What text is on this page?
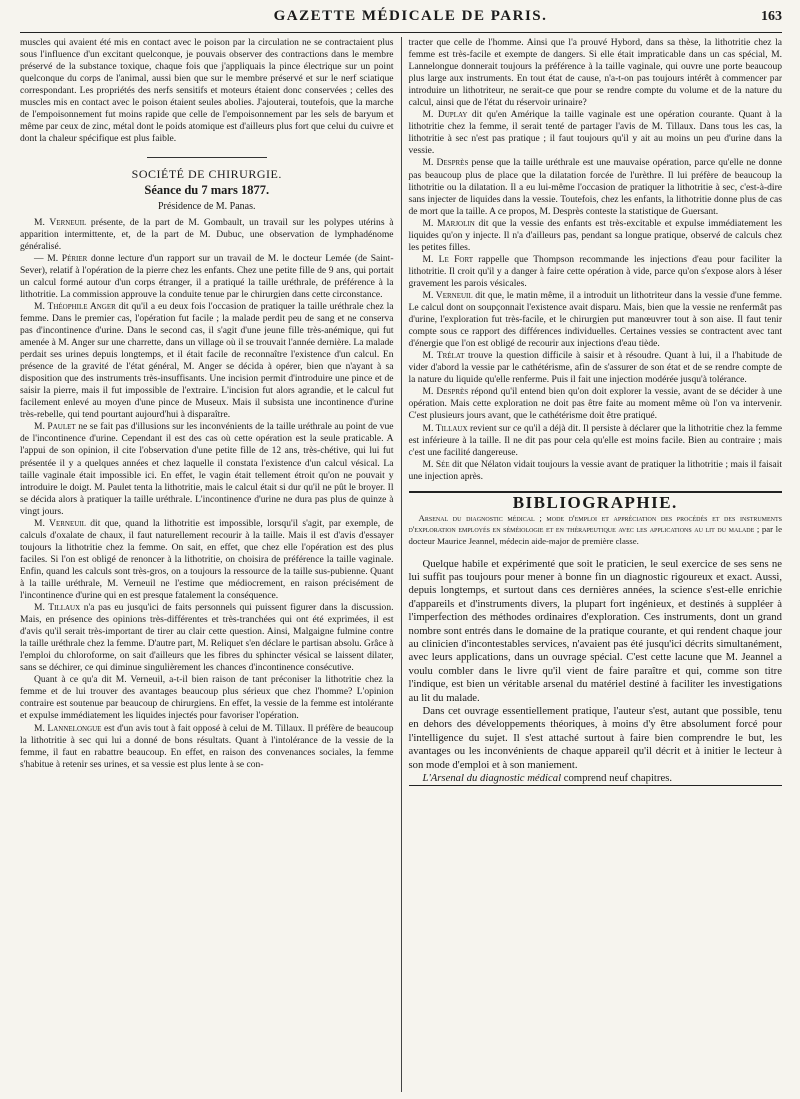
GAZETTE MÉDICALE DE PARIS.	163

muscles qui avaient été mis en contact avec le poison par la circulation ne se contractaient plus sous l'influence d'un excitant quelconque, je pouvais observer des contractions dans le membre préservé de la substance toxique, chaque fois que j'appliquais la pince électrique sur un point quelconque du corps de l'animal, aussi bien que sur le membre préservé et sur le nerf sciatique correspondant. Les propriétés des nerfs sensitifs et moteurs étaient donc conservées ; celles des muscles mis en contact avec le poison étaient seules abolies. J'ajouterai, toutefois, que la marche de l'empoisonnement fut moins rapide que celle de l'empoisonnement par les sels de baryum et même par ceux de zinc, métal dont le poids atomique est d'ailleurs plus fort que celui du cuivre et dont la chaleur spécifique est plus faible.

SOCIÉTÉ DE CHIRURGIE.
Séance du 7 mars 1877.
Présidence de M. Panas.

M. Verneuil présente, de la part de M. Gombault, un travail sur les polypes utérins à apparition intermittente, et, de la part de M. Dubuc, une observation de lymphadénome généralisé.

— M. Périer donne lecture d'un rapport sur un travail de M. le docteur Lemée (de Saint-Sever), relatif à l'opération de la pierre chez les enfants. Chez une petite fille de 9 ans, qui portait un calcul formé autour d'un corps étranger, il a pratiqué la taille uréthrale, de préférence à la lithotritie. La commission approuve la conduite tenue par le chirurgien dans cette circonstance.

M. Théophile Anger dit qu'il a eu deux fois l'occasion de pratiquer la taille uréthrale chez la femme. Dans le premier cas, l'opération fut facile ; la malade perdit peu de sang et ne conserva pas d'incontinence d'urine. Dans le second cas, il s'agit d'une jeune fille très-anémique, qui fut amenée à M. Anger sur une charrette, dans un village où il se trouvait l'année dernière. La malade perdait ses urines depuis longtemps, et il était facile de reconnaître l'existence d'un calcul. En présence de la gravité de l'état général, M. Anger se décida à opérer, bien que n'ayant à sa disposition que des instruments très-insuffisants. Une incision permit d'introduire une pince et de saisir la pierre, mais il fut impossible de l'extraire. L'incision fut alors agrandie, et le calcul fut facilement enlevé au moyen d'une pince de Museux. Mais il subsista une incontinence d'urine très-rebelle, qui tend pourtant aujourd'hui à disparaître.

M. Paulet ne se fait pas d'illusions sur les inconvénients de la taille uréthrale au point de vue de l'incontinence d'urine. Cependant il est des cas où cette opération est la seule praticable. A l'appui de son opinion, il cite l'observation d'une petite fille de 12 ans, très-chétive, qui lui fut présentée il y a quelques années et chez laquelle il constata l'existence d'un calcul vésical. La taille vaginale était impossible ici. En effet, le vagin était tellement étroit qu'on ne pouvait y introduire le doigt. M. Paulet tenta la lithotritie, mais le calcul était si dur qu'il ne pût le broyer. Il se décida alors à pratiquer la taille uréthrale. L'incontinence d'urine ne dura pas plus de quinze à vingt jours.

M. Verneuil dit que, quand la lithotritie est impossible, lorsqu'il s'agit, par exemple, de calculs d'oxalate de chaux, il faut naturellement recourir à la taille. Mais il est d'avis d'essayer toujours la lithotritie chez la femme. On sait, en effet, que chez elle l'opération est des plus faciles. Si l'on est obligé de renoncer à la lithotritie, on choisira de préférence la taille vaginale. Enfin, quand les calculs sont très-gros, on a toujours la ressource de la taille sus-pubienne. Quant à la taille uréthrale, M. Verneuil ne l'estime que médiocrement, en raison précisément de l'incontinence d'urine qui en est presque fatalement la conséquence.

M. Tillaux n'a pas eu jusqu'ici de faits personnels qui puissent figurer dans la discussion. Mais, en présence des opinions très-différentes et très-tranchées qui ont été exprimées, il est d'avis qu'il serait très-important de tirer au clair cette question. Ainsi, Malgaigne fulmine contre la taille uréthrale chez la femme. D'autre part, M. Reliquet s'en déclare le partisan absolu. Grâce à l'emploi du chloroforme, on sait d'ailleurs que les fibres du sphincter vésical se laissent dilater, sans se déchirer, ce qui diminue singulièrement les chances d'incontinence consécutive.

Quant à ce qu'a dit M. Verneuil, a-t-il bien raison de tant préconiser la lithotritie chez la femme et de lui trouver des avantages beaucoup plus sérieux que chez l'homme? L'opinion contraire est soutenue par beaucoup de chirurgiens. En effet, la vessie de la femme est intolérante et expulse immédiatement les liquides injectés pour favoriser l'opération.

M. Lannelongue est d'un avis tout à fait opposé à celui de M. Tillaux. Il préfère de beaucoup la lithotritie à sec qui lui a donné de bons résultats. Quant à l'intolérance de la vessie de la femme, il faut en rabattre beaucoup. En effet, en raison des convenances sociales, la femme s'habitue à retenir ses urines, et sa vessie est plus lente à se con-

tracter que celle de l'homme. Ainsi que l'a prouvé Hybord, dans sa thèse, la lithotritie chez la femme est très-facile et exempte de dangers. Si elle était impraticable dans un cas spécial, M. Lannelongue donnerait toujours la préférence à la taille vaginale, qui ouvre une porte beaucoup plus large aux instruments. En tout état de cause, n'a-t-on pas toujours intérêt à commencer par introduire un lithotriteur, ne serait-ce que pour se rendre compte du volume et de la nature du calcul, ainsi que de l'état du réservoir urinaire?

M. Duplay dit qu'en Amérique la taille vaginale est une opération courante. Quant à la lithotritie chez la femme, il serait tenté de partager l'avis de M. Tillaux. Dans tous les cas, la lithotritie à sec n'est pas pratique ; il faut toujours qu'il y ait au moins un peu d'urine dans la vessie.

M. Desprès pense que la taille uréthrale est une mauvaise opération, parce qu'elle ne donne pas beaucoup plus de place que la dilatation forcée de l'urèthre. Il lui préfère de beaucoup la lithotritie ou la dilatation. Il a eu lui-même l'occasion de pratiquer la lithotritie à sec, c'est-à-dire sans injecter de liquides dans la vessie. Toutefois, chez les enfants, la lithotritie donne plus de cas de mort que la taille. A ce propos, M. Desprès conteste la statistique de Guersant.

M. Marjolin dit que la vessie des enfants est très-excitable et expulse immédiatement les liquides qu'on y injecte. Il n'a d'ailleurs pas, pendant sa longue pratique, observé de calculs chez les petites filles.

M. Le Fort rappelle que Thompson recommande les injections d'eau pour faciliter la lithotritie. Il croit qu'il y a danger à faire cette opération à vide, parce qu'on s'expose alors à léser gravement les parois vésicales.

M. Verneuil dit que, le matin même, il a introduit un lithotriteur dans la vessie d'une femme. Le calcul dont on soupçonnait l'existence avait disparu. Mais, bien que la vessie ne renfermât pas d'urine, l'exploration fut très-facile, et le chirurgien put manœuvrer tout à son aise. Il faut tenir compte sous ce rapport des différences individuelles. Certaines vessies se contractent avec tant d'énergie que l'on est obligé de recourir aux injections d'eau tiède.

M. Trélat trouve la question difficile à saisir et à résoudre. Quant à lui, il a l'habitude de vider d'abord la vessie par le cathétérisme, afin de s'assurer de son état et de se rendre compte de la nature du liquide qu'elle renferme. Puis il fait une injection modérée jusqu'à tolérance.

M. Desprès répond qu'il entend bien qu'on doit explorer la vessie, avant de se décider à une opération. Mais cette exploration ne doit pas être faite au moment même où l'on va intervenir. C'est plusieurs jours avant, que le cathétérisme doit être pratiqué.

M. Tillaux revient sur ce qu'il a déjà dit. Il persiste à déclarer que la lithotritie chez la femme est inférieure à la taille. Il ne dit pas pour cela qu'elle est moins facile. Bien au contraire ; mais c'est une facilité dangereuse.

M. Sée dit que Nélaton vidait toujours la vessie avant de pratiquer la lithotritie ; mais il faisait une injection après.

BIBLIOGRAPHIE.

Arsenal du diagnostic médical ; mode d'emploi et appréciation des procédés et des instruments d'exploration employés en séméiologie et en thérapeutique avec les applications au lit du malade ; par le docteur Maurice Jeannel, médecin aide-major de première classe.

Quelque habile et expérimenté que soit le praticien, le seul exercice de ses sens ne lui suffit pas toujours pour mener à bonne fin un diagnostic rigoureux et exact. Aussi, depuis longtemps, et surtout dans ces dernières années, la science s'est-elle enrichie d'appareils et d'instruments divers, la plupart fort ingénieux, et destinés à suppléer à l'imperfection des méthodes ordinaires d'exploration. Ces instruments, dont un grand nombre sont entrés dans le domaine de la pratique courante, et qui rendent chaque jour au clinicien d'incontestables services, n'avaient pas été jusqu'ici décrits simultanément, avec leurs applications, dans un ouvrage spécial. C'est cette lacune que M. Jeannel a voulu combler dans le livre qu'il vient de faire paraître et qui, comme son titre l'indique, est bien un véritable arsenal du matériel destiné à faciliter les investigations au lit du malade.

Dans cet ouvrage essentiellement pratique, l'auteur s'est, autant que possible, tenu en dehors des développements théoriques, à moins d'y être absolument forcé pour l'intelligence du sujet. Il s'est attaché surtout à faire bien comprendre le but, les avantages ou les inconvénients de chaque appareil qu'il décrit et à initier le lecteur à son mode d'emploi et à son maniement.

L'Arsenal du diagnostic médical comprend neuf chapitres.
